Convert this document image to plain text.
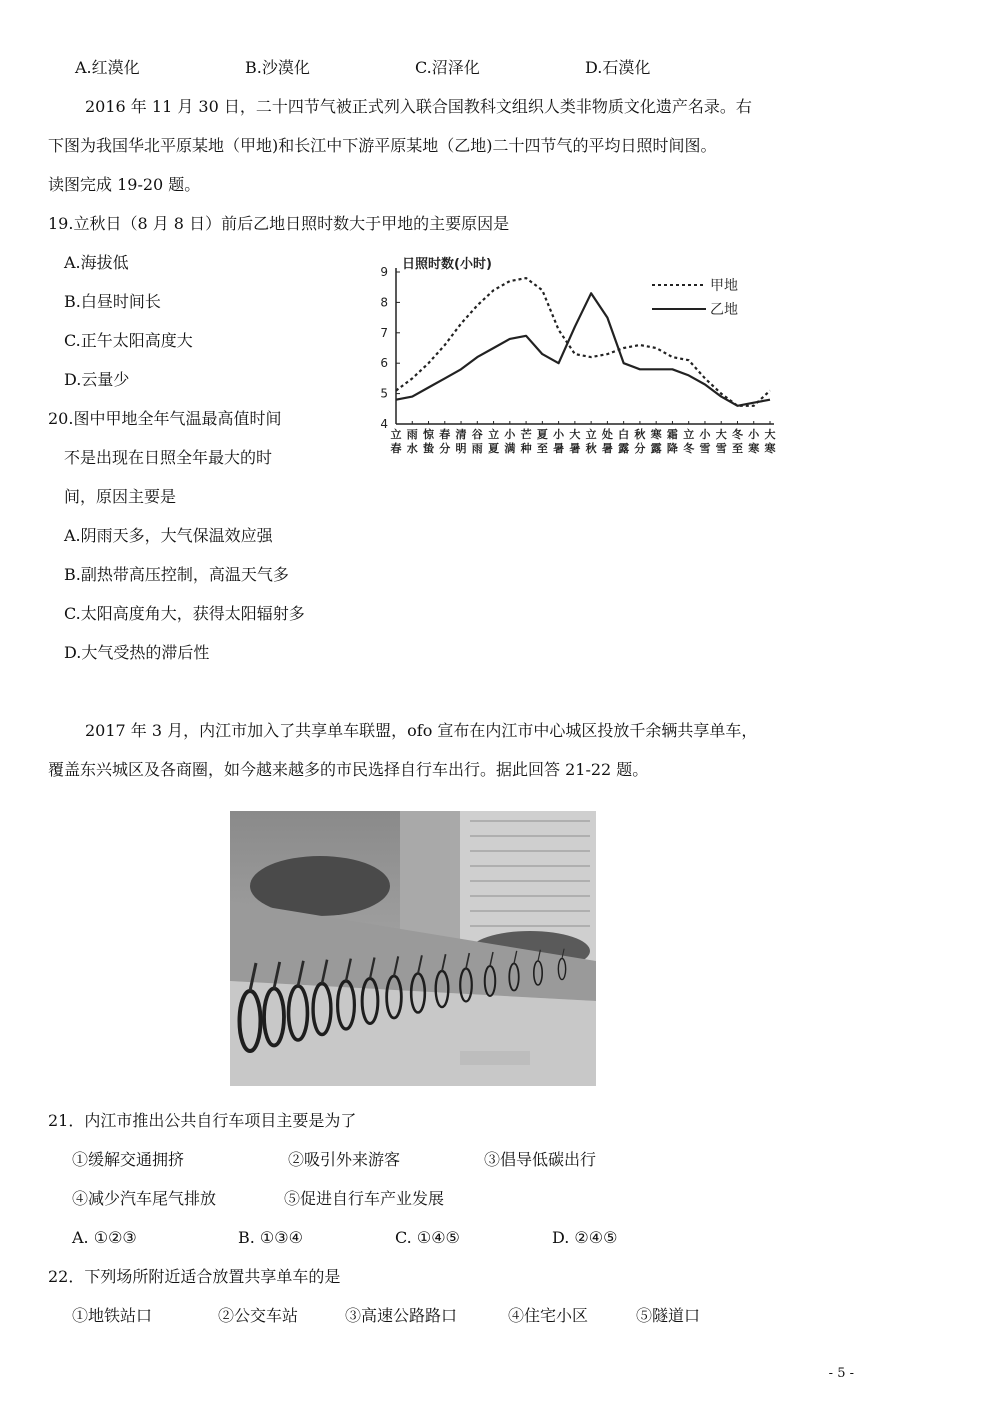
A.红漠化	B.沙漠化	C.沼泽化	D.石漠化
2016 年 11 月 30 日，二十四节气被正式列入联合国教科文组织人类非物质文化遗产名录。右
下图为我国华北平原某地（甲地)和长江中下游平原某地（乙地)二十四节气的平均日照时间图。
读图完成 19-20 题。
19.立秋日（8 月 8 日）前后乙地日照时数大于甲地的主要原因是
A.海拔低
B.白昼时间长
C.正午太阳高度大
D.云量少
20.图中甲地全年气温最高值时间
不是出现在日照全年最大的时
间，原因主要是
A.阴雨天多，大气保温效应强
B.副热带高压控制，高温天气多
C.太阳高度角大，获得太阳辐射多
D.大气受热的滞后性
4
5
6
7
8
9 日照时数(小时)
立
春
雨
水
惊
蛰
春
分
清
明
谷
雨
立
夏
小
满
芒
种
夏
至
小
暑
大
暑
立
秋
处
暑
白
露
秋
分
寒
露
霜
降
立
冬
小
雪
大
雪
冬
至
小
寒
大
寒
甲地
乙地
2017 年 3 月，内江市加入了共享单车联盟，ofo 宣布在内江市中心城区投放千余辆共享单车，
覆盖东兴城区及各商圈，如今越来越多的市民选择自行车出行。据此回答 21-22 题。
21．内江市推出公共自行车项目主要是为了
①缓解交通拥挤	②吸引外来游客	③倡导低碳出行
④减少汽车尾气排放	⑤促进自行车产业发展
A. ①②③	B. ①③④	C. ①④⑤	D. ②④⑤
22．下列场所附近适合放置共享单车的是
①地铁站口	②公交车站	③高速公路路口	④住宅小区	⑤隧道口
- 5 -
